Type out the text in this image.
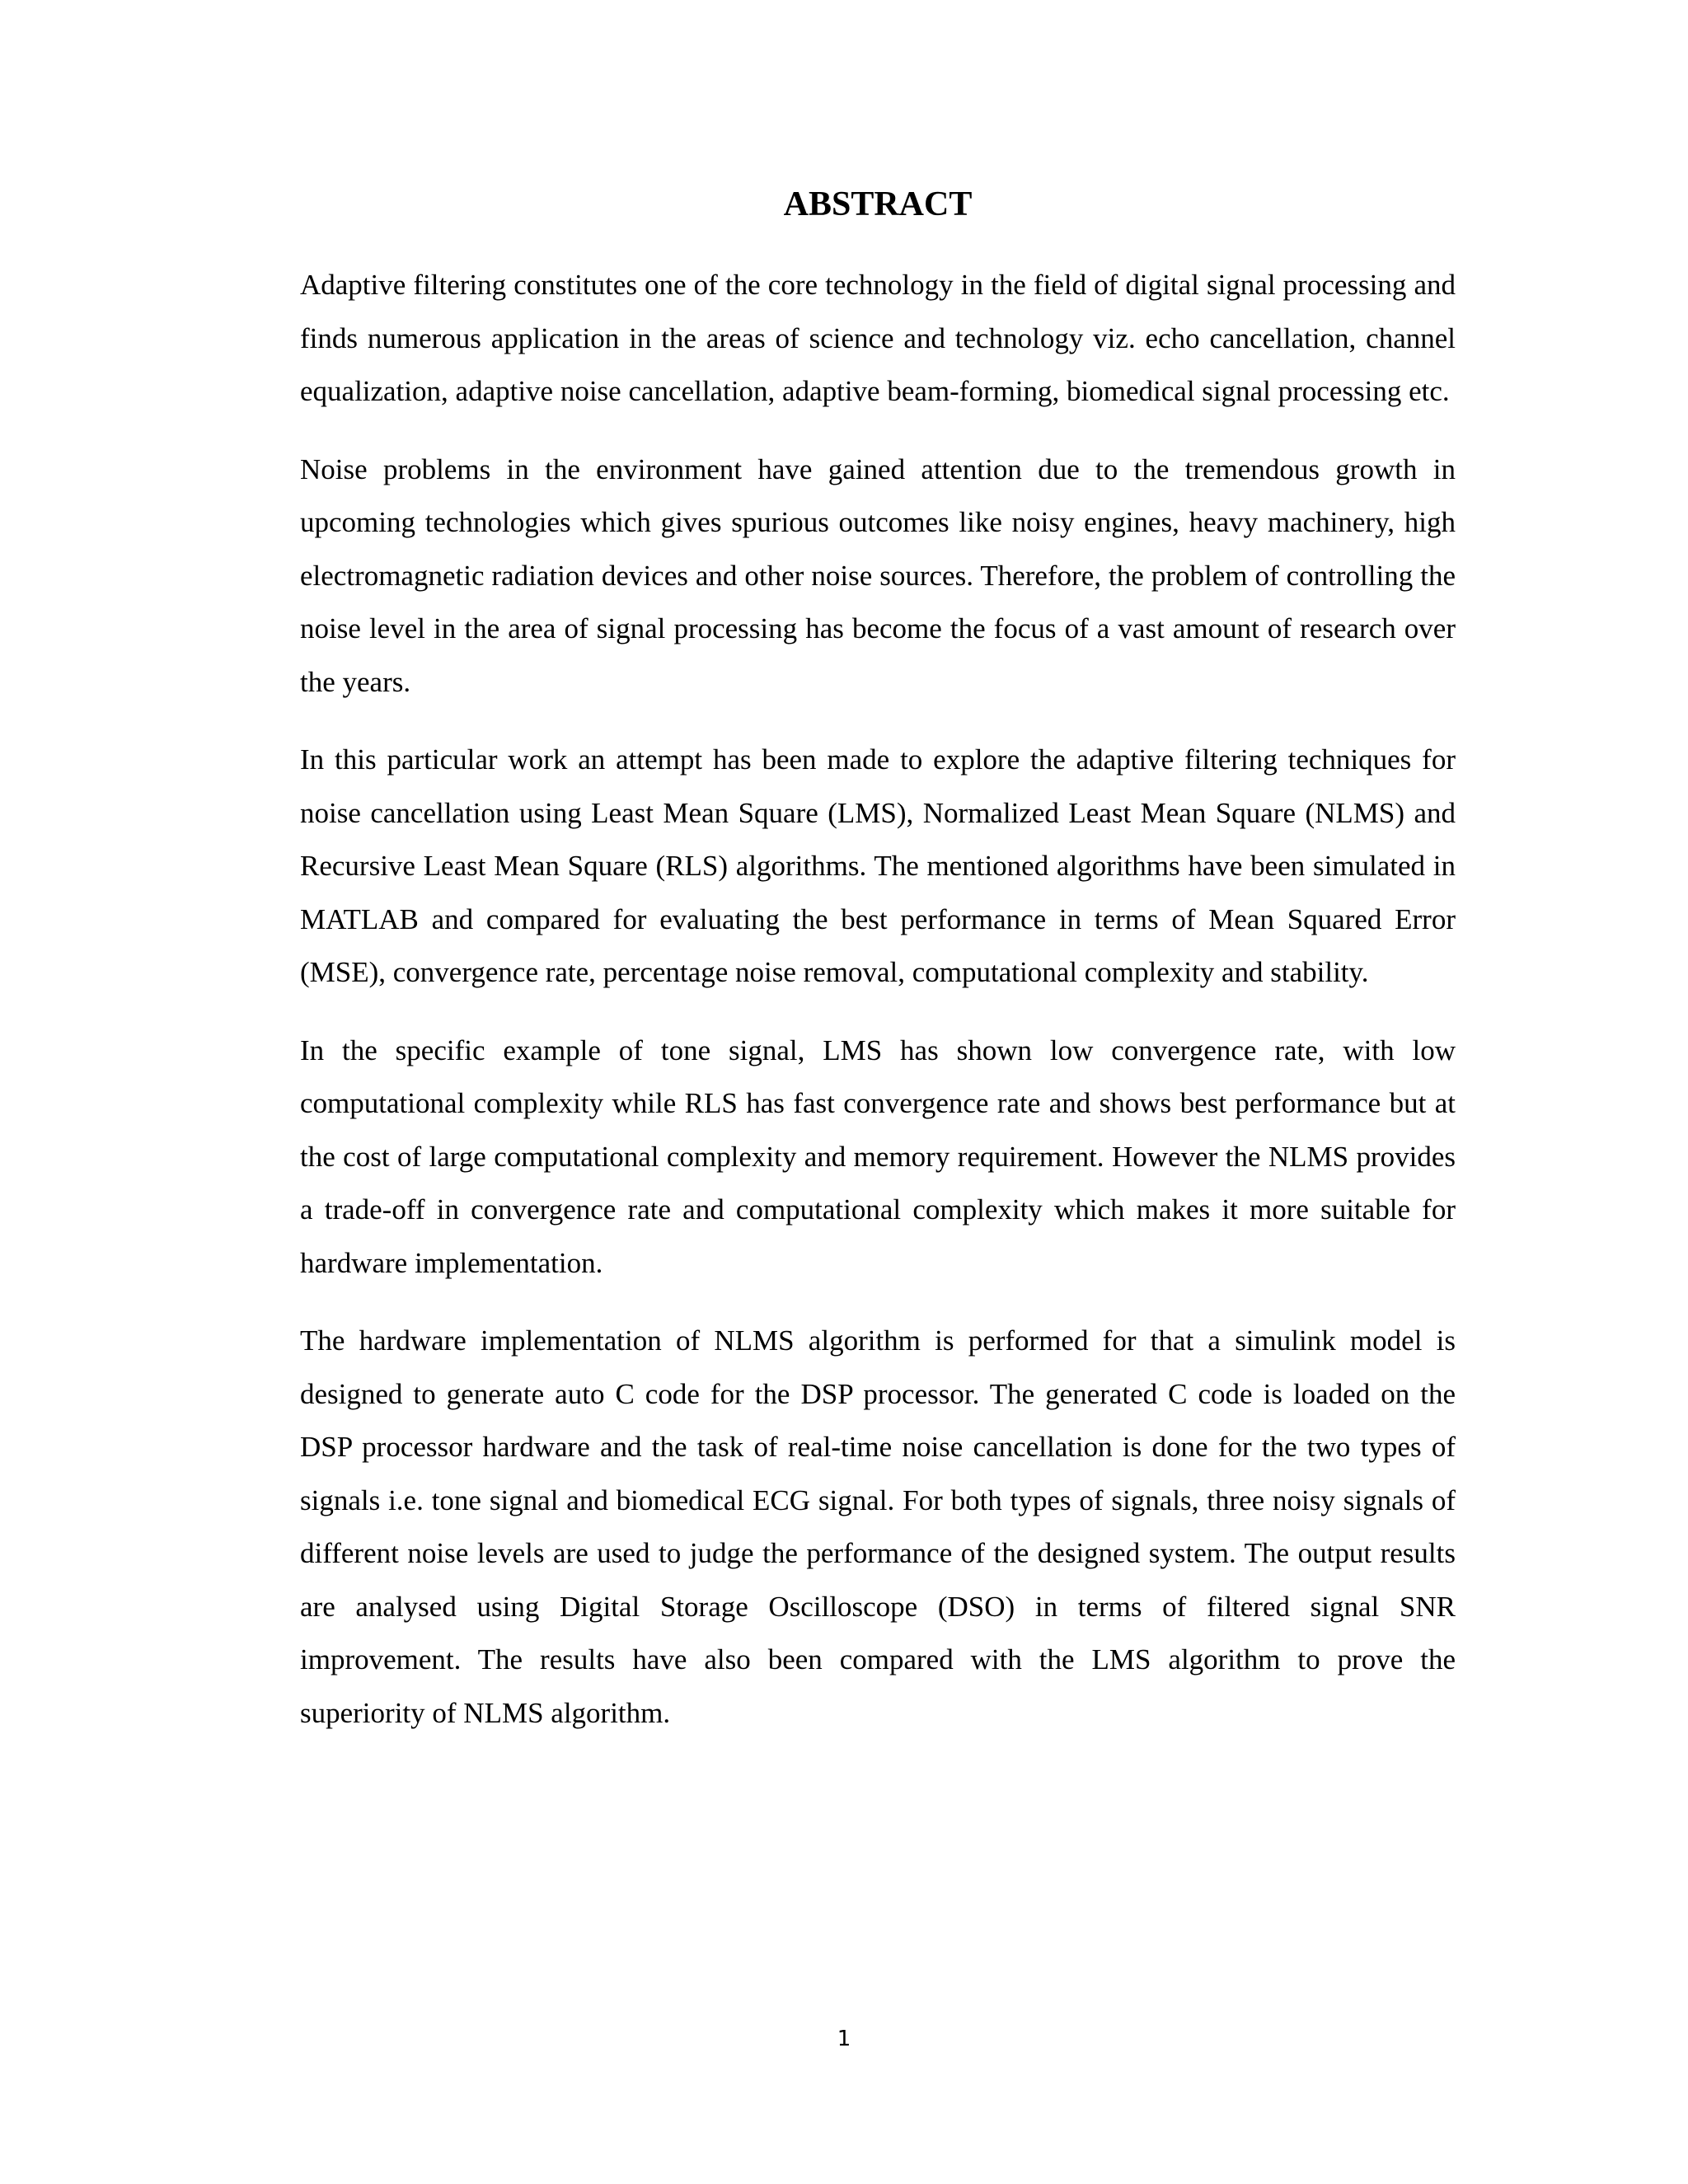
ABSTRACT

Adaptive filtering constitutes one of the core technology in the field of digital signal processing and finds numerous application in the areas of science and technology viz. echo cancellation, channel equalization, adaptive noise cancellation, adaptive beam-forming, biomedical signal processing etc.

Noise problems in the environment have gained attention due to the tremendous growth in upcoming technologies which gives spurious outcomes like noisy engines, heavy machinery, high electromagnetic radiation devices and other noise sources. Therefore, the problem of controlling the noise level in the area of signal processing has become the focus of a vast amount of research over the years.

In this particular work an attempt has been made to explore the adaptive filtering techniques for noise cancellation using Least Mean Square (LMS), Normalized Least Mean Square (NLMS) and Recursive Least Mean Square (RLS) algorithms. The mentioned algorithms have been simulated in MATLAB and compared for evaluating the best performance in terms of Mean Squared Error (MSE), convergence rate, percentage noise removal, computational complexity and stability.

In the specific example of tone signal, LMS has shown low convergence rate, with low computational complexity while RLS has fast convergence rate and shows best performance but at the cost of large computational complexity and memory requirement. However the NLMS provides a trade-off in convergence rate and computational complexity which makes it more suitable for hardware implementation.

The hardware implementation of NLMS algorithm is performed for that a simulink model is designed to generate auto C code for the DSP processor. The generated C code is loaded on the DSP processor hardware and the task of real-time noise cancellation is done for the two types of signals i.e. tone signal and biomedical ECG signal. For both types of signals, three noisy signals of different noise levels are used to judge the performance of the designed system. The output results are analysed using Digital Storage Oscilloscope (DSO) in terms of filtered signal SNR improvement. The results have also been compared with the LMS algorithm to prove the superiority of NLMS algorithm.

1
